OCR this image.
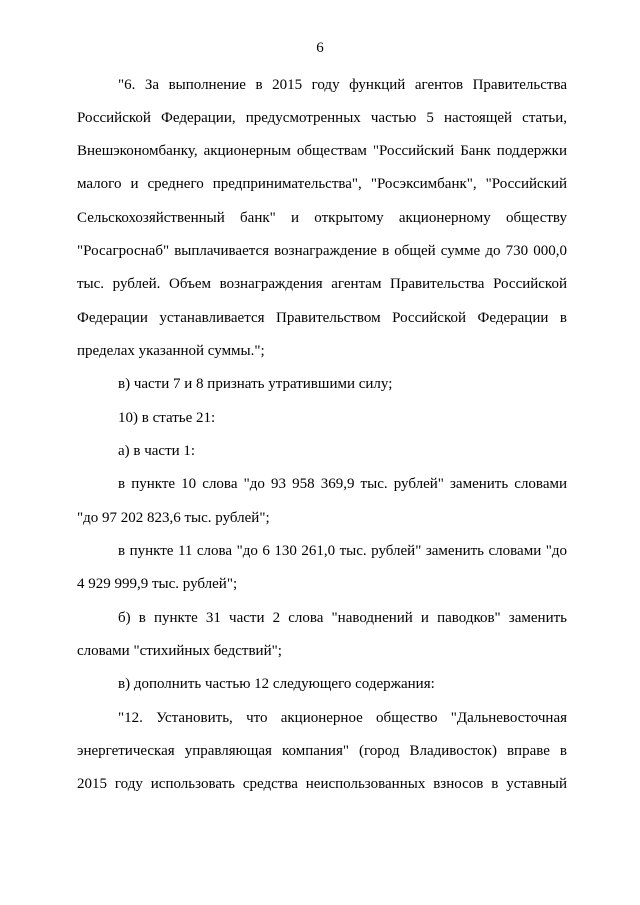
6
"6. За выполнение в 2015 году функций агентов Правительства
Российской Федерации, предусмотренных частью 5 настоящей статьи,
Внешэкономбанку, акционерным обществам "Российский Банк поддержки
малого и среднего предпринимательства", "Росэксимбанк", "Российский
Сельскохозяйственный банк" и открытому акционерному обществу
"Росагроснаб" выплачивается вознаграждение в общей сумме до 730 000,0
тыс. рублей. Объем вознаграждения агентам Правительства Российской
Федерации устанавливается Правительством Российской Федерации в
пределах указанной суммы.";
в) части 7 и 8 признать утратившими силу;
10) в статье 21:
а) в части 1:
в пункте 10 слова "до 93 958 369,9 тыс. рублей" заменить словами
"до 97 202 823,6 тыс. рублей";
в пункте 11 слова "до 6 130 261,0 тыс. рублей" заменить словами "до
4 929 999,9 тыс. рублей";
б) в пункте 31 части 2 слова "наводнений и паводков" заменить
словами "стихийных бедствий";
в) дополнить частью 12 следующего содержания:
"12. Установить, что акционерное общество "Дальневосточная
энергетическая управляющая компания" (город Владивосток) вправе в
2015 году использовать средства неиспользованных взносов в уставный
